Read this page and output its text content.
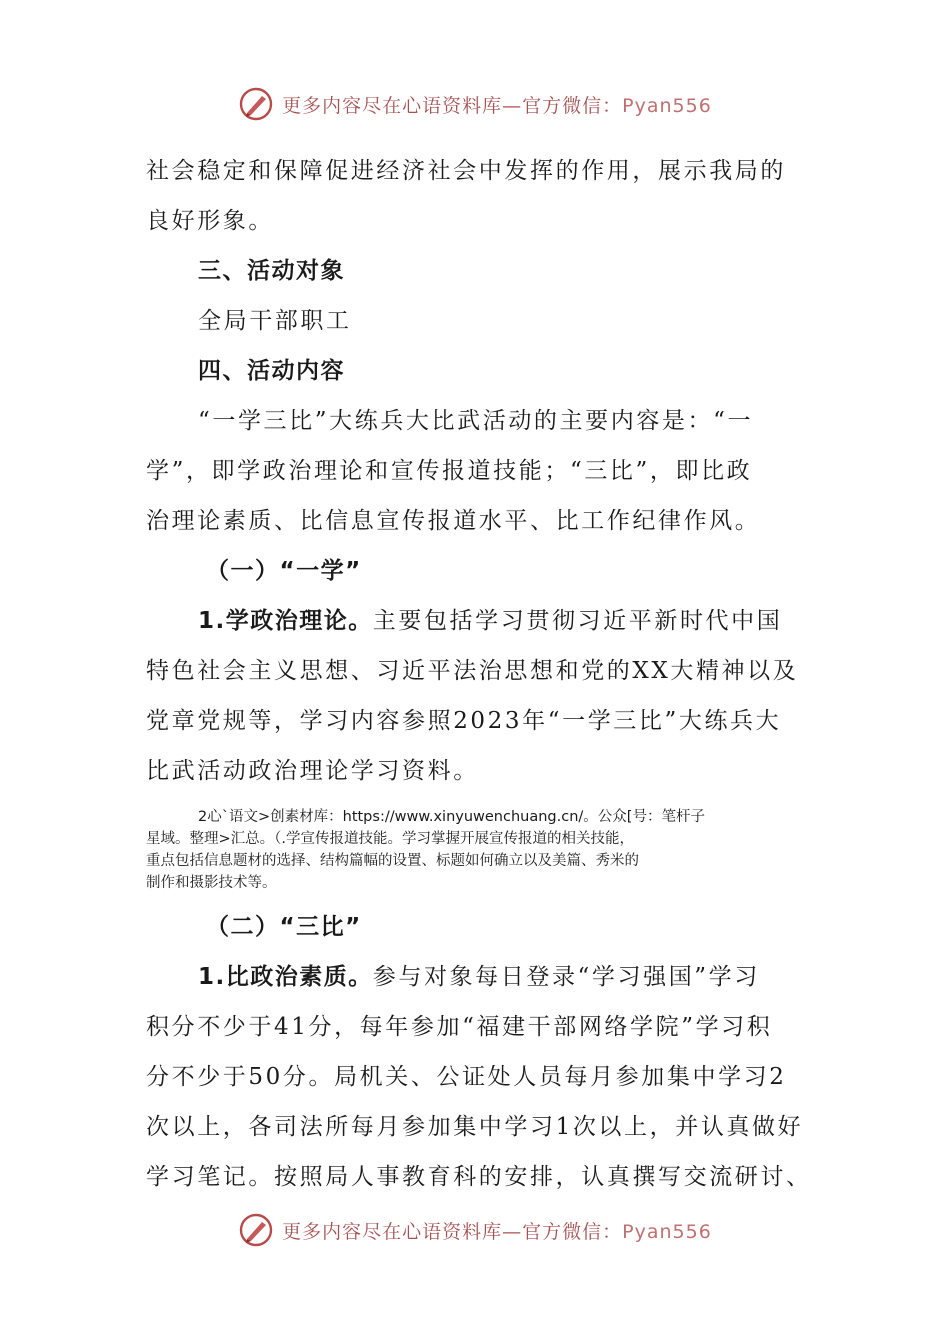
更多内容尽在心语资料库—官方微信：Pyan556
社会稳定和保障促进经济社会中发挥的作用，展示我局的
良好形象。
三、活动对象
全局干部职工
四、活动内容
“一学三比”大练兵大比武活动的主要内容是：“一
学”，即学政治理论和宣传报道技能；“三比”，即比政
治理论素质、比信息宣传报道水平、比工作纪律作风。
（一）“一学”
1.学政治理论。主要包括学习贯彻习近平新时代中国
特色社会主义思想、习近平法治思想和党的XX大精神以及
党章党规等，学习内容参照2023年“一学三比”大练兵大
比武活动政治理论学习资料。
2心`语文>创素材库：https://www.xinyuwenchuang.cn/。公众[号：笔杆子
星域。整理>汇总。（.学宣传报道技能。学习掌握开展宣传报道的相关技能，
重点包括信息题材的选择、结构篇幅的设置、标题如何确立以及美篇、秀米的
制作和摄影技术等。
（二）“三比”
1.比政治素质。参与对象每日登录“学习强国”学习
积分不少于41分，每年参加“福建干部网络学院”学习积
分不少于50分。局机关、公证处人员每月参加集中学习2
次以上，各司法所每月参加集中学习1次以上，并认真做好
学习笔记。按照局人事教育科的安排，认真撰写交流研讨、
更多内容尽在心语资料库—官方微信：Pyan556
